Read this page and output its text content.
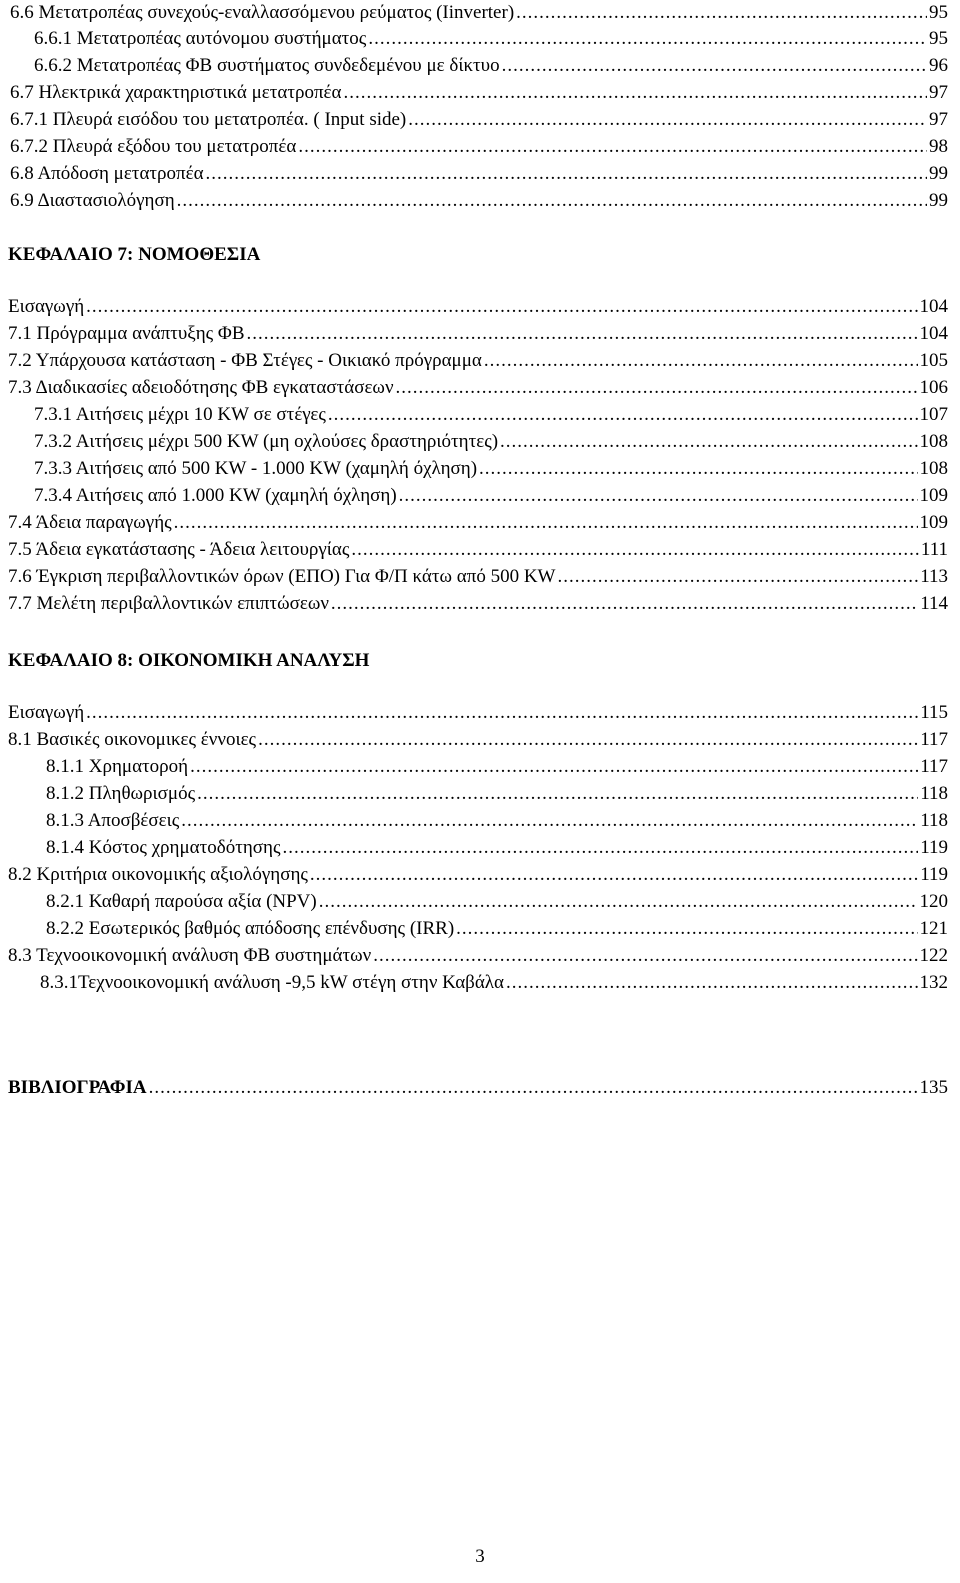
6.6 Μετατροπέας συνεχούς-εναλλασσόμενου ρεύματος (Iinverter) .....	95
6.6.1 Μετατροπέας αυτόνομου συστήματος .....	95
6.6.2 Μετατροπέας ΦΒ συστήματος συνδεδεμένου με δίκτυο .....	96
6.7 Ηλεκτρικά χαρακτηριστικά μετατροπέα .....	97
6.7.1 Πλευρά εισόδου του μετατροπέα. ( Input side) .....	97
6.7.2 Πλευρά εξόδου του μετατροπέα .....	98
6.8 Απόδοση μετατροπέα .....	99
6.9 Διαστασιολόγηση .....	99
ΚΕΦΑΛΑΙΟ 7: ΝΟΜΟΘΕΣΙΑ
Εισαγωγή .....	104
7.1 Πρόγραμμα ανάπτυξης ΦΒ .....	104
7.2 Υπάρχουσα κατάσταση - ΦΒ Στέγες - Οικιακό πρόγραμμα .....	105
7.3 Διαδικασίες αδειοδότησης ΦΒ εγκαταστάσεων .....	106
7.3.1 Αιτήσεις μέχρι 10 KW σε στέγες .....	107
7.3.2 Αιτήσεις μέχρι 500 KW (μη οχλούσες δραστηριότητες) .....	108
7.3.3 Αιτήσεις από 500 KW - 1.000 KW (χαμηλή όχληση) .....	108
7.3.4 Αιτήσεις από 1.000 KW (χαμηλή όχληση) .....	109
7.4 Άδεια παραγωγής .....	109
7.5 Άδεια εγκατάστασης - Άδεια λειτουργίας .....	111
7.6 Έγκριση περιβαλλοντικών όρων (ΕΠΟ) Για Φ/Π κάτω από 500 KW .....	113
7.7 Μελέτη περιβαλλοντικών επιπτώσεων .....	114
ΚΕΦΑΛΑΙΟ 8: ΟΙΚΟΝΟΜΙΚΗ ΑΝΑΛΥΣΗ
Εισαγωγή .....	115
8.1 Βασικές οικονομικες έννοιες .....	117
8.1.1 Χρηματοροή .....	117
8.1.2 Πληθωρισμός .....	118
8.1.3 Αποσβέσεις .....	118
8.1.4 Κόστος χρηματοδότησης .....	119
8.2 Κριτήρια οικονομικής αξιολόγησης .....	119
8.2.1 Καθαρή παρούσα αξία (NPV) .....	120
8.2.2 Εσωτερικός βαθμός απόδοσης επένδυσης (IRR) .....	121
8.3 Τεχνοοικονομική ανάλυση ΦΒ συστημάτων .....	122
8.3.1Τεχνοοικονομική ανάλυση -9,5 kW στέγη στην Καβάλα .....	132
ΒΙΒΛΙΟΓΡΑΦΙΑ .....	135
3
